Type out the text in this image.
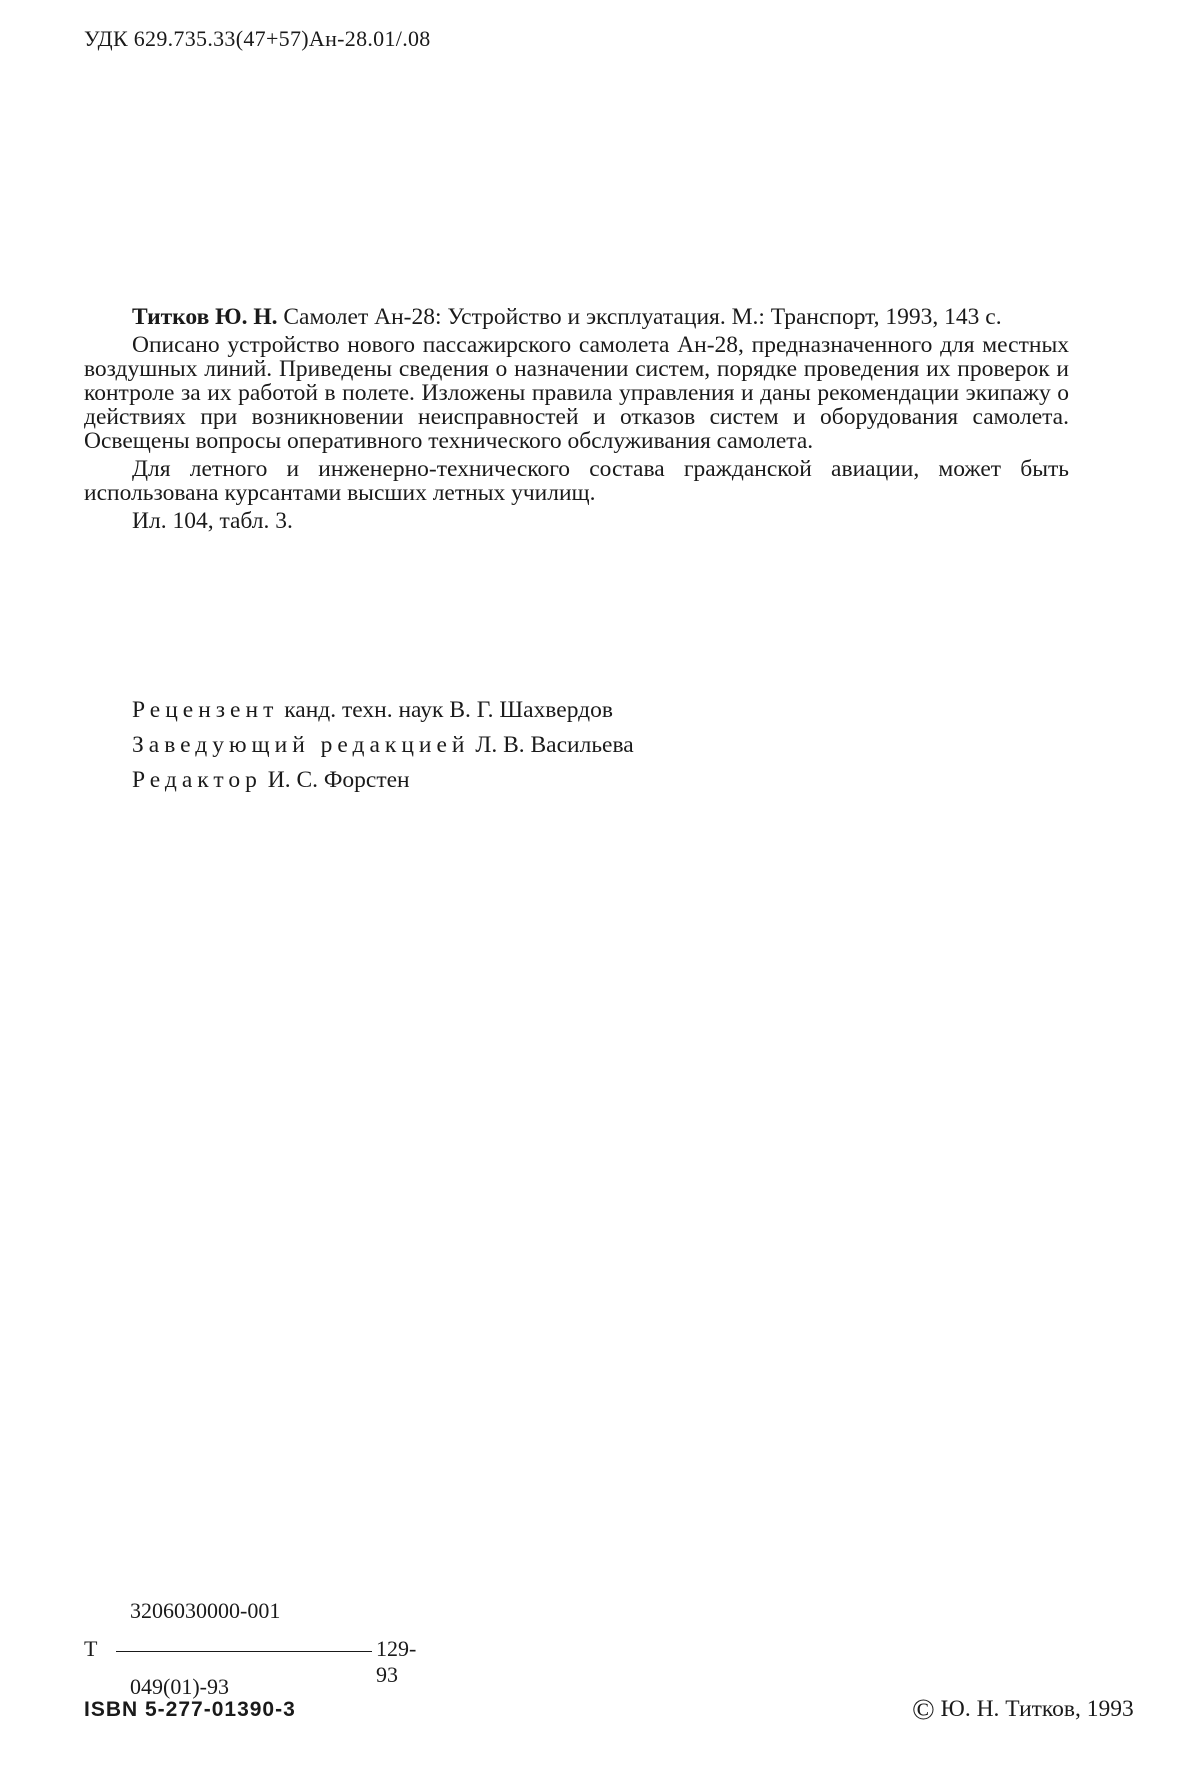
УДК 629.735.33(47+57)Ан-28.01/.08

Титков Ю. Н. Самолет Ан-28: Устройство и эксплуатация. М.: Транспорт, 1993, 143 с.

Описано устройство нового пассажирского самолета Ан-28, предназначенного для местных воздушных линий. Приведены сведения о назначении систем, порядке проведения их проверок и контроле за их работой в полете. Изложены правила управления и даны рекомендации экипажу о действиях при возникновении неисправностей и отказов систем и оборудования самолета. Освещены вопросы оперативного технического обслуживания самолета.

Для летного и инженерно-технического состава гражданской авиации, может быть использована курсантами высших летных училищ.

Ил. 104, табл. 3.

Рецензент канд. техн. наук В. Г. Шахвердов
Заведующий редакцией Л. В. Васильева
Редактор И. С. Форстен
3206030000-001
Т	129-93
049(01)-93
ISBN 5-277-01390-3	© Ю. Н. Титков, 1993
